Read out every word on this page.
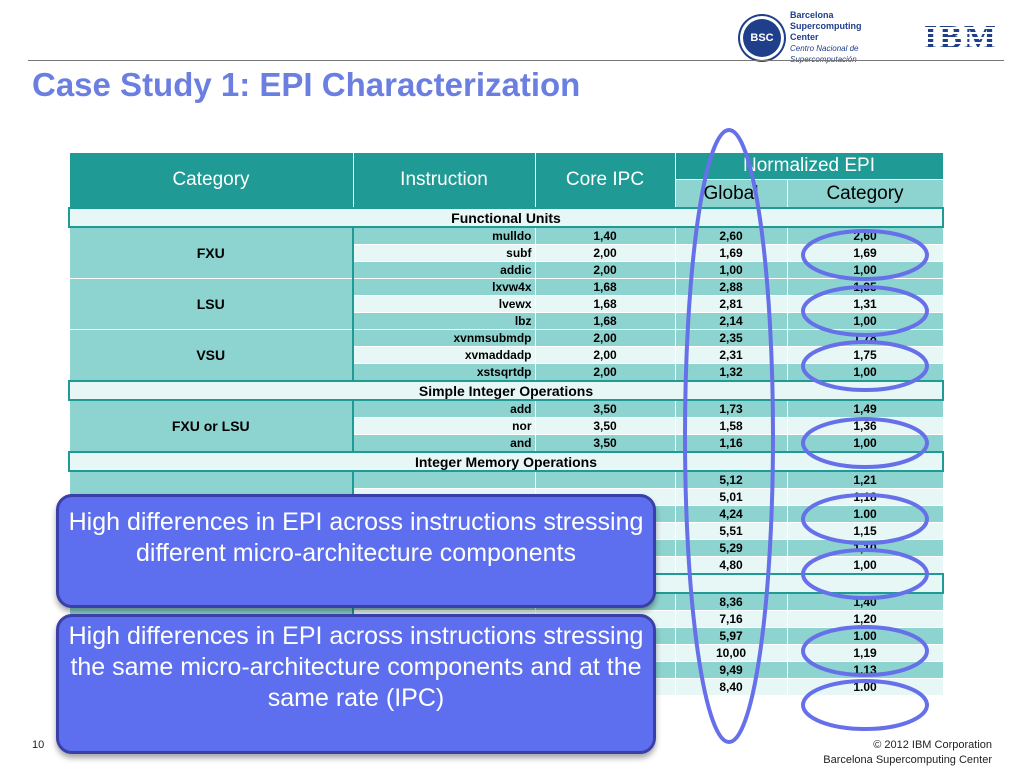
BSC
Barcelona
Supercomputing
Center
Centro Nacional de	IBM
Case Study 1: EPI Characterization
Category	Instruction	Core IPC	Normalized EPI	
			Global	Category
Functional Units				
FXU	mulldo	1,40	2,60	2,60
	subf	2,00	1,69	1,69
	addic	2,00	1,00	1,00
LSU	lxvw4x	1,68	2,88	1,35
	lvewx	1,68	2,81	1,31
	lbz	1,68	2,14	1,00
VSU	xvnmsubmdp	2,00	2,35	1,78
	xvmaddadp	2,00	2,31	1,75
	xstsqrtdp	2,00	1,32	1,00
Simple Integer Operations				
FXU or LSU	add	3,50	1,73	1,49
	nor	3,50	1,58	1,36
	and	3,50	1,16	1,00
Integer Memory Operations				
			5,12	1,21
			5,01	1,18
			4,24	1.00
			5,51	1,15
			5,29	1,10
			4,80	1,00

			8,36	1,40
			7,16	1,20
			5,97	1.00
			10,00	1,19
			9,49	1,13
			8,40	1.00
High differences in EPI across instructions stressing different micro-architecture components
High differences in EPI across instructions stressing the same micro-architecture components and at the same rate (IPC)
10	© 2012 IBM Corporation
Barcelona Supercomputing Center
